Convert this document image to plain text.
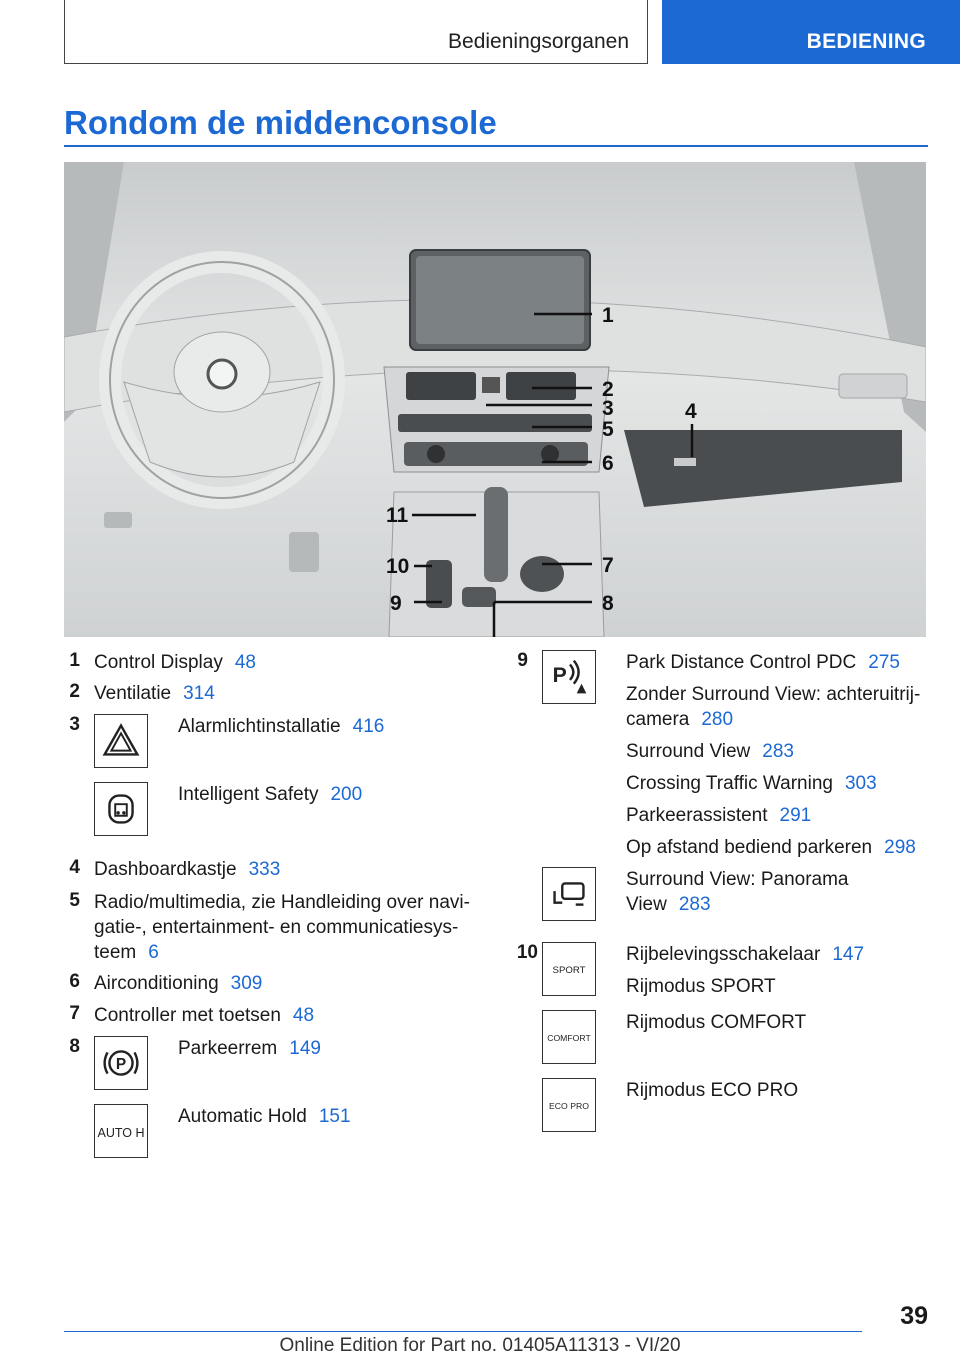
Bedieningsorganen	BEDIENING
Rondom de middenconsole
1
2
3
5
6
4
11
10
9
7
8
1 Control Display 48
2 Ventilatie 314
3	Alarmlichtinstallatie 416
Intelligent Safety 200
4 Dashboardkastje 333
5 Radio/multimedia, zie Handleiding over navi-
gatie-, entertainment- en communicatiesys-
teem 6
6 Airconditioning 309
7 Controller met toetsen 48
8
P
Parkeerrem 149
AUTO H
Automatic Hold 151
9
P
Park Distance Control PDC 275
Zonder Surround View: achteruitrij-
camera 280
Surround View 283
Crossing Traffic Warning 303
Parkeerassistent 291
Op afstand bediend parkeren 298
Surround View: Panorama
View 283
10
SPORT
Rijbelevingsschakelaar 147
Rijmodus SPORT
COMFORT
Rijmodus COMFORT
ECO PRO
Rijmodus ECO PRO
39
Online Edition for Part no. 01405A11313 - VI/20
